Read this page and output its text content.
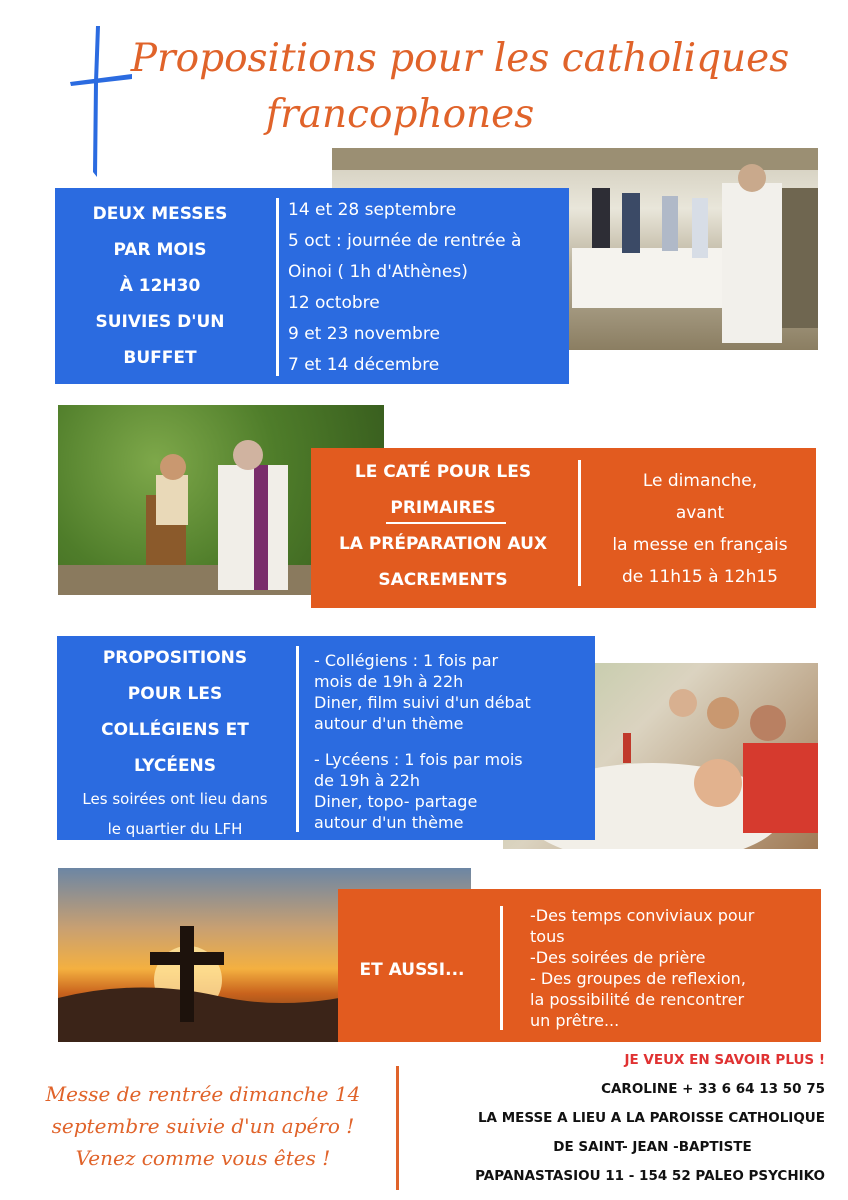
Propositions pour les catholiques
francophones
DEUX MESSES
PAR MOIS
À 12H30
SUIVIES D'UN
BUFFET
14 et 28 septembre
5 oct : journée de rentrée à
Oinoi ( 1h d'Athènes)
12 octobre
9 et 23 novembre
7 et 14 décembre
LE CATÉ POUR LES
PRIMAIRES
LA PRÉPARATION AUX
SACREMENTS
Le dimanche,
avant
la messe en français
de 11h15 à 12h15
PROPOSITIONS
POUR LES
COLLÉGIENS ET
LYCÉENS
Les soirées ont lieu dans
le quartier du LFH
- Collégiens : 1 fois par
mois de 19h à 22h
Diner, film suivi d'un débat
autour d'un thème
- Lycéens : 1 fois par mois
de 19h à 22h
Diner, topo- partage
autour d'un thème
ET AUSSI...
-Des temps conviviaux pour
tous
-Des soirées de prière
- Des groupes de reflexion,
la possibilité de rencontrer
un prêtre...
Messe de rentrée dimanche 14
septembre suivie d'un apéro !
Venez comme vous êtes !
JE VEUX EN SAVOIR PLUS !
CAROLINE + 33 6 64 13 50 75
LA MESSE A LIEU A LA PAROISSE CATHOLIQUE
DE SAINT- JEAN -BAPTISTE
PAPANASTASIOU 11 - 154 52 PALEO PSYCHIKO
